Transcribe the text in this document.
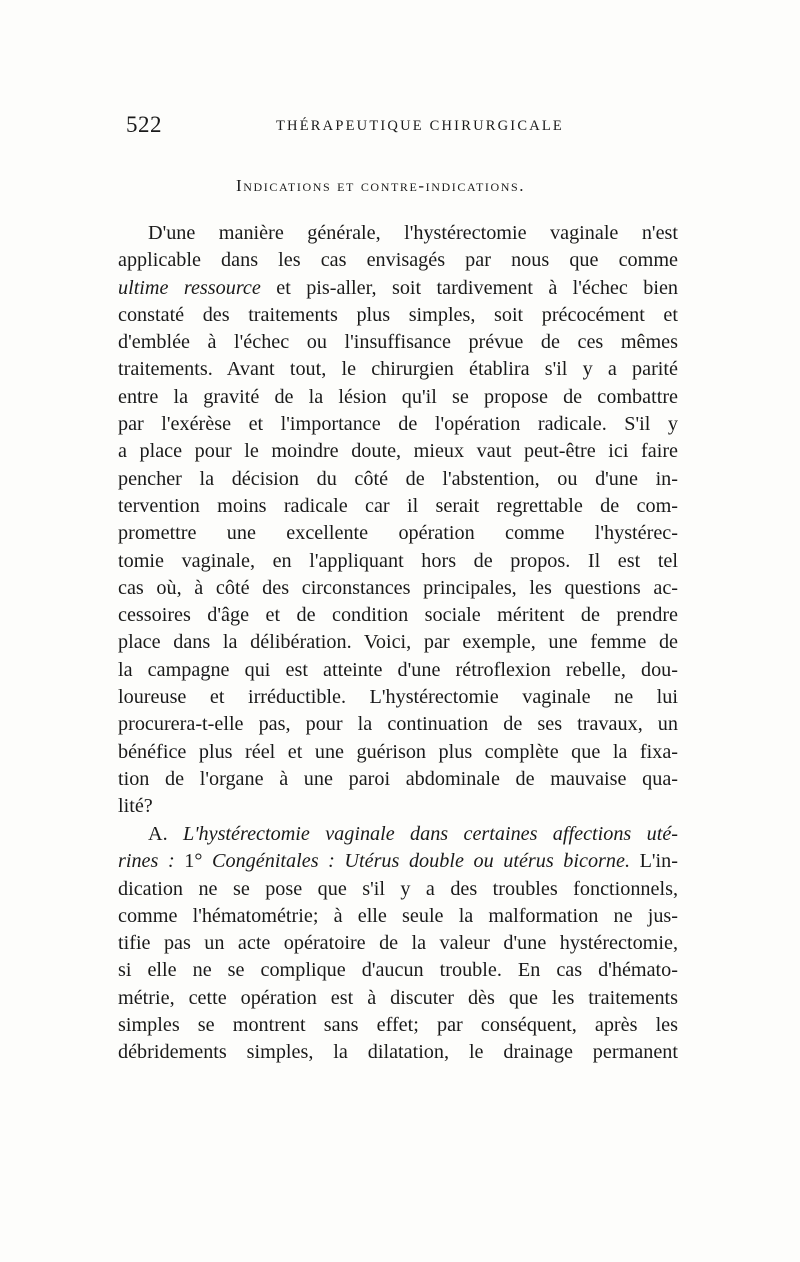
522	THÉRAPEUTIQUE CHIRURGICALE
Indications et contre-indications.
D'une manière générale, l'hystérectomie vaginale n'est
applicable dans les cas envisagés par nous que comme
ultime ressource et pis-aller, soit tardivement à l'échec bien
constaté des traitements plus simples, soit précocément et
d'emblée à l'échec ou l'insuffisance prévue de ces mêmes
traitements. Avant tout, le chirurgien établira s'il y a parité
entre la gravité de la lésion qu'il se propose de combattre
par l'exérèse et l'importance de l'opération radicale. S'il y
a place pour le moindre doute, mieux vaut peut-être ici faire
pencher la décision du côté de l'abstention, ou d'une in-
tervention moins radicale car il serait regrettable de com-
promettre une excellente opération comme l'hystérec-
tomie vaginale, en l'appliquant hors de propos. Il est tel
cas où, à côté des circonstances principales, les questions ac-
cessoires d'âge et de condition sociale méritent de prendre
place dans la délibération. Voici, par exemple, une femme de
la campagne qui est atteinte d'une rétroflexion rebelle, dou-
loureuse et irréductible. L'hystérectomie vaginale ne lui
procurera-t-elle pas, pour la continuation de ses travaux, un
bénéfice plus réel et une guérison plus complète que la fixa-
tion de l'organe à une paroi abdominale de mauvaise qua-
lité?
A. L'hystérectomie vaginale dans certaines affections uté-
rines : 1° Congénitales : Utérus double ou utérus bicorne. L'in-
dication ne se pose que s'il y a des troubles fonctionnels,
comme l'hématométrie; à elle seule la malformation ne jus-
tifie pas un acte opératoire de la valeur d'une hystérectomie,
si elle ne se complique d'aucun trouble. En cas d'hémato-
métrie, cette opération est à discuter dès que les traitements
simples se montrent sans effet; par conséquent, après les
débridements simples, la dilatation, le drainage permanent
